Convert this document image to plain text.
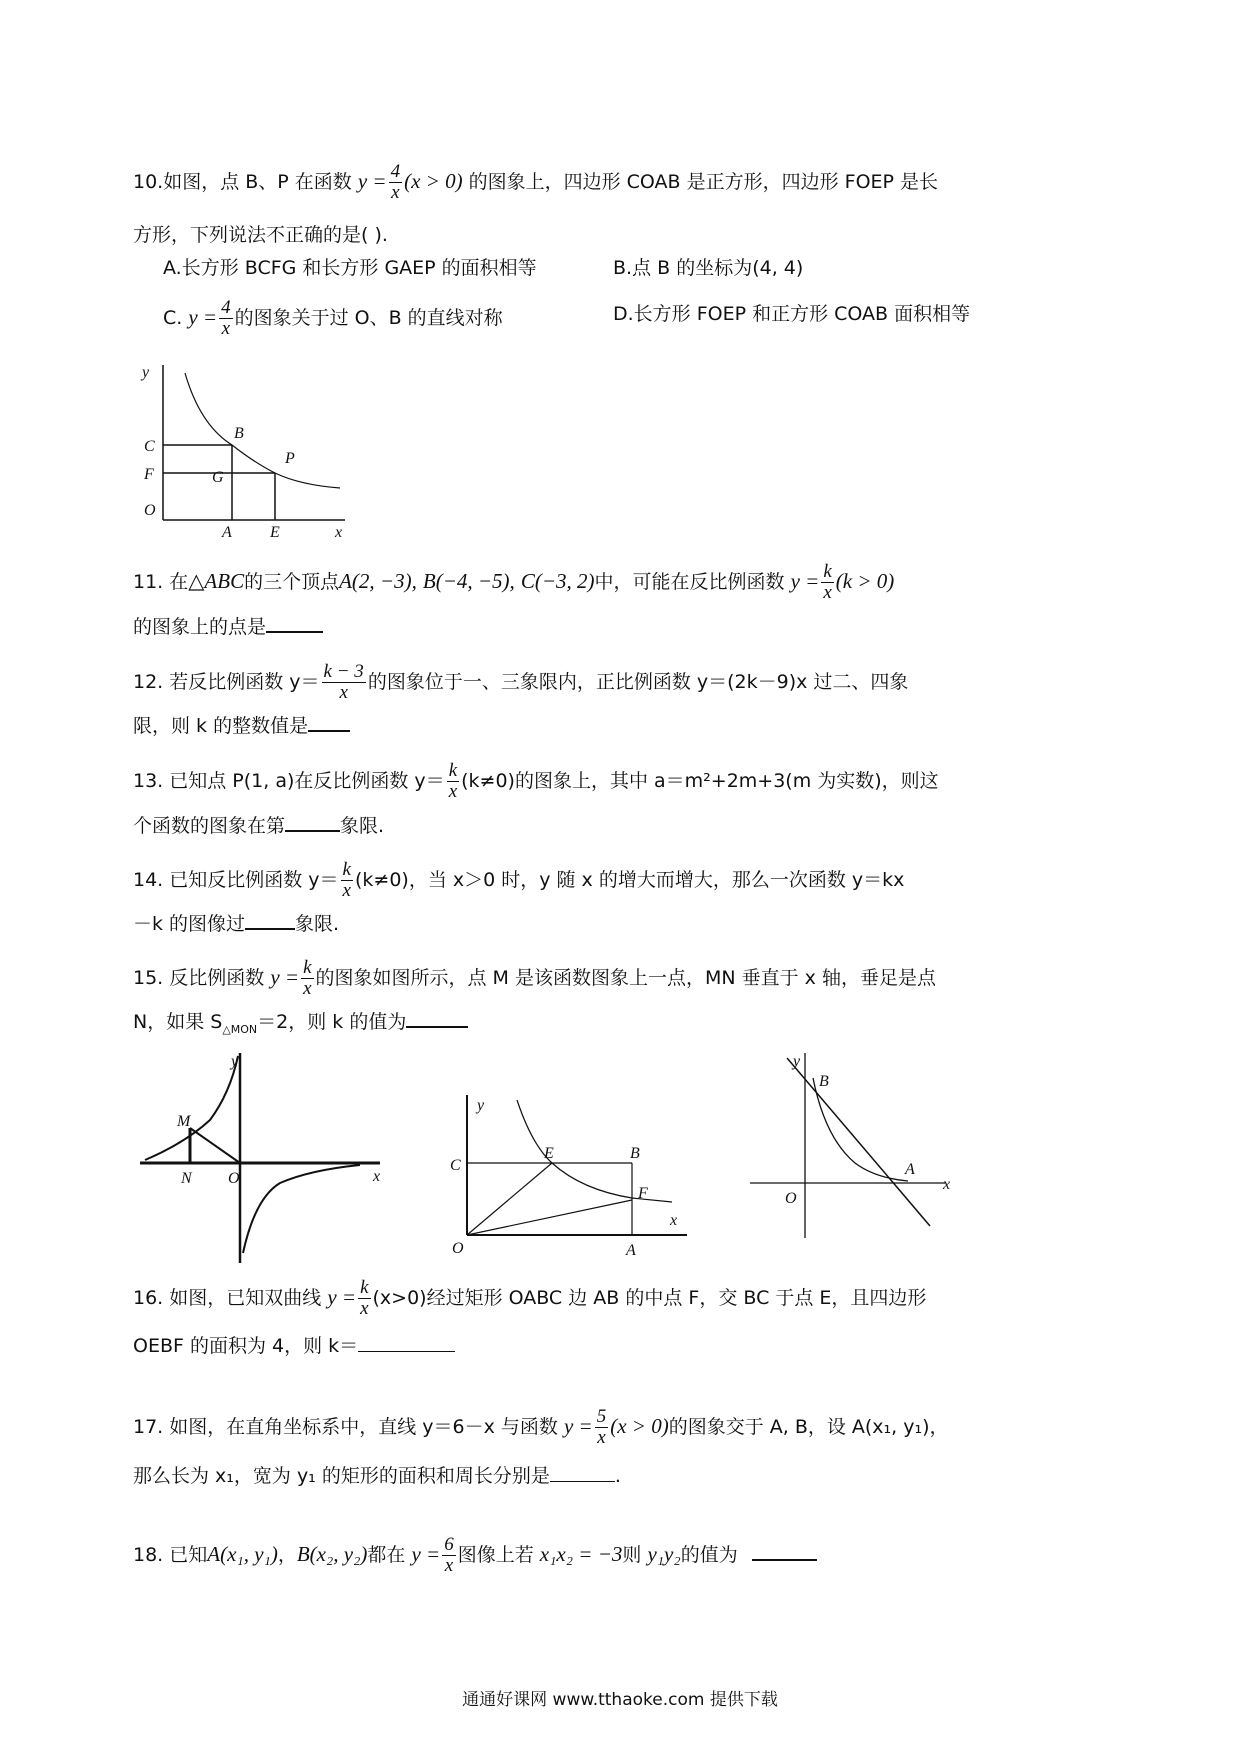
10.如图，点 B、P 在函数 $y = \frac{4}{x} (x > 0)$ 的图象上，四边形 COAB 是正方形，四边形 FOEP 是长
方形，下列说法不正确的是( ).
A.长方形 BCFG 和长方形 GAEP 的面积相等	B.点 B 的坐标为(4, 4)
C. $y = \frac{4}{x}$ 的图象关于过 O、B 的直线对称	D.长方形 FOEP 和正方形 COAB 面积相等
y
B
C
P
F	G
O
A E	x
11. 在△ABC的三个顶点A(2, −3), B(−4, −5), C(−3, 2)中，可能在反比例函数 $y = \frac{k}{x} (k > 0)$
的图象上的点是
12. 若反比例函数 $y= \frac{k - 3}{x}$ 的图象位于一、三象限内，正比例函数 y＝(2k－9)x 过二、四象
限，则 k 的整数值是
13. 已知点 P(1, a)在反比例函数 $y= \frac{k}{x} (k\ne 0)$的图象上，其中 a＝m²+2m+3(m 为实数)，则这
个函数的图象在第	象限.
14. 已知反比例函数 $y= \frac{k}{x} (k\ne 0)$，当 x＞0 时，y 随 x 的增大而增大，那么一次函数 y＝kx
－k 的图像过	象限.
15. 反比例函数 $y = \frac{k}{x}$ 的图象如图所示，点 M 是该函数图象上一点，MN 垂直于 x 轴，垂足是点
N，如果 $S_{\triangle MON}=2$，则 k 的值为
y
M
N O	x
y
C
E	B
F
O	A
x
y
B
A
O
x
16. 如图，已知双曲线 $y = \frac{k}{x} (x>0)$经过矩形 OABC 边 AB 的中点 F，交 BC 于点 E，且四边形
OEBF 的面积为 4，则 k＝
17. 如图，在直角坐标系中，直线 y＝6－x 与函数 $y = \frac{5}{x} (x > 0)$的图象交于 A, B，设 A(x₁, y₁)，
那么长为 x₁，宽为 y₁ 的矩形的面积和周长分别是	.
18. 已知A(x₁, y₁)，B(x₂, y₂)都在 $y = \frac{6}{x}$ 图像上若 x₁x₂ = −3则 y₁y₂的值为
通通好课网 www.tthaoke.com 提供下载
